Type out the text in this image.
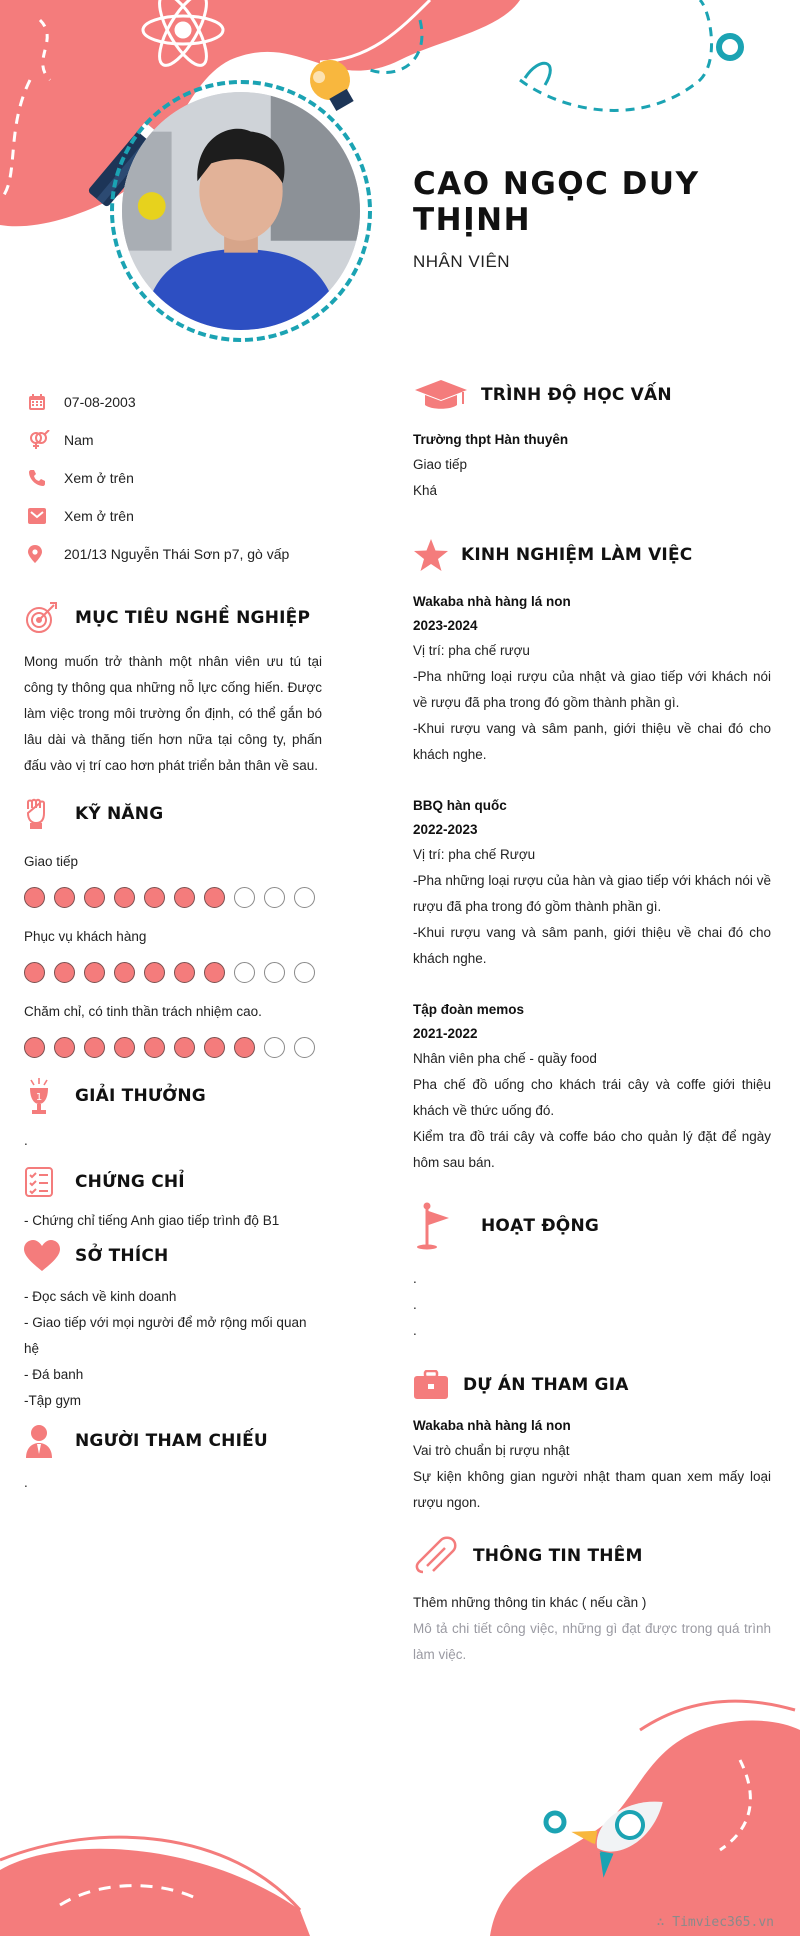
CAO NGỌC DUY THỊNH
NHÂN VIÊN
07-08-2003
Nam
Xem ở trên
Xem ở trên
201/13 Nguyễn Thái Sơn p7, gò vấp
MỤC TIÊU NGHỀ NGHIỆP
Mong muốn trở thành một nhân viên ưu tú tại công ty thông qua những nỗ lực cống hiến. Được làm việc trong môi trường ổn định, có thể gắn bó lâu dài và thăng tiến hơn nữa tại công ty, phấn đấu vào vị trí cao hơn phát triển bản thân về sau.
KỸ NĂNG
Giao tiếp
Phục vụ khách hàng
Chăm chỉ, có tinh thần trách nhiệm cao.
1 GIẢI THƯỞNG
.
CHỨNG CHỈ
- Chứng chỉ tiếng Anh giao tiếp trình độ B1
SỞ THÍCH
- Đọc sách về kinh doanh
- Giao tiếp với mọi người để mở rộng mối quan hệ
- Đá banh
-Tập gym
NGƯỜI THAM CHIẾU
.
TRÌNH ĐỘ HỌC VẤN
Trường thpt Hàn thuyên
Giao tiếp
Khá
KINH NGHIỆM LÀM VIỆC
Wakaba nhà hàng lá non
2023-2024
Vị trí: pha chế rượu
-Pha những loại rượu của nhật và giao tiếp với khách nói về rượu đã pha trong đó gồm thành phần gì.
-Khui rượu vang và sâm panh, giới thiệu về chai đó cho khách nghe.
BBQ hàn quốc
2022-2023
Vị trí: pha chế Rượu
-Pha những loại rượu của hàn và giao tiếp với khách nói về rượu đã pha trong đó gồm thành phần gì.
-Khui rượu vang và sâm panh, giới thiệu về chai đó cho khách nghe.
Tập đoàn memos
2021-2022
Nhân viên pha chế - quầy food
Pha chế đồ uống cho khách trái cây và coffe giới thiệu khách về thức uống đó.
Kiểm tra đồ trái cây và coffe báo cho quản lý đặt để ngày hôm sau bán.
HOẠT ĐỘNG
.
.
.
DỰ ÁN THAM GIA
Wakaba nhà hàng lá non
Vai trò chuẩn bị rượu nhật
Sự kiện không gian người nhật tham quan xem mấy loại rượu ngon.
THÔNG TIN THÊM
Thêm những thông tin khác ( nếu cần )
Mô tả chi tiết công việc, những gì đạt được trong quá trình làm việc.
∴ Timviec365.vn
